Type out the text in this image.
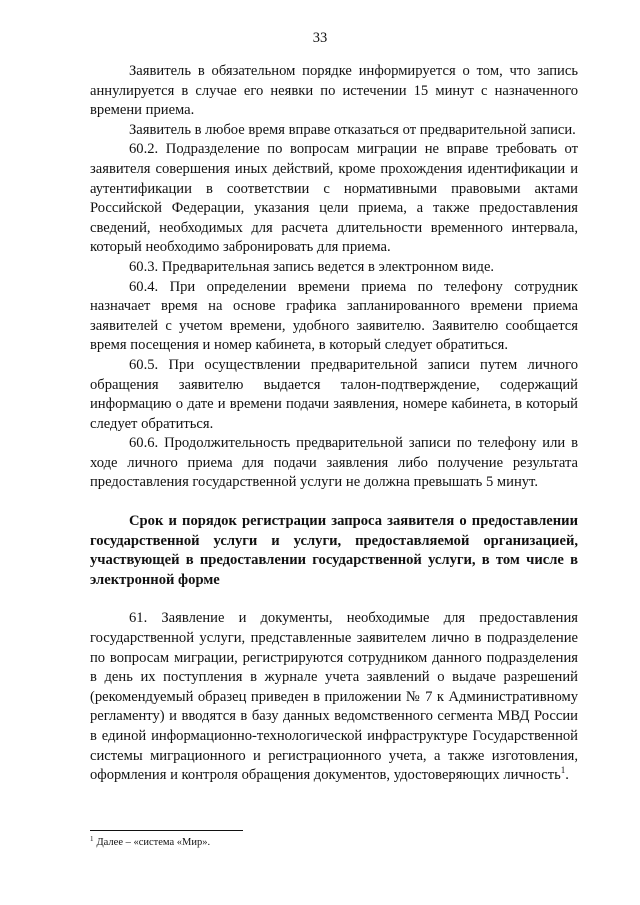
33

Заявитель в обязательном порядке информируется о том, что запись аннулируется в случае его неявки по истечении 15 минут с назначенного времени приема.

Заявитель в любое время вправе отказаться от предварительной записи.

60.2. Подразделение по вопросам миграции не вправе требовать от заявителя совершения иных действий, кроме прохождения идентификации и аутентификации в соответствии с нормативными правовыми актами Российской Федерации, указания цели приема, а также предоставления сведений, необходимых для расчета длительности временного интервала, который необходимо забронировать для приема.

60.3. Предварительная запись ведется в электронном виде.

60.4. При определении времени приема по телефону сотрудник назначает время на основе графика запланированного времени приема заявителей с учетом времени, удобного заявителю. Заявителю сообщается время посещения и номер кабинета, в который следует обратиться.

60.5. При осуществлении предварительной записи путем личного обращения заявителю выдается талон-подтверждение, содержащий информацию о дате и времени подачи заявления, номере кабинета, в который следует обратиться.

60.6. Продолжительность предварительной записи по телефону или в ходе личного приема для подачи заявления либо получение результата предоставления государственной услуги не должна превышать 5 минут.

Срок и порядок регистрации запроса заявителя о предоставлении государственной услуги и услуги, предоставляемой организацией, участвующей в предоставлении государственной услуги, в том числе в электронной форме

61. Заявление и документы, необходимые для предоставления государственной услуги, представленные заявителем лично в подразделение по вопросам миграции, регистрируются сотрудником данного подразделения в день их поступления в журнале учета заявлений о выдаче разрешений (рекомендуемый образец приведен в приложении № 7 к Административному регламенту) и вводятся в базу данных ведомственного сегмента МВД России в единой информационно-технологической инфраструктуре Государственной системы миграционного и регистрационного учета, а также изготовления, оформления и контроля обращения документов, удостоверяющих личность$^1$.

$^1$ Далее – «система «Мир».
